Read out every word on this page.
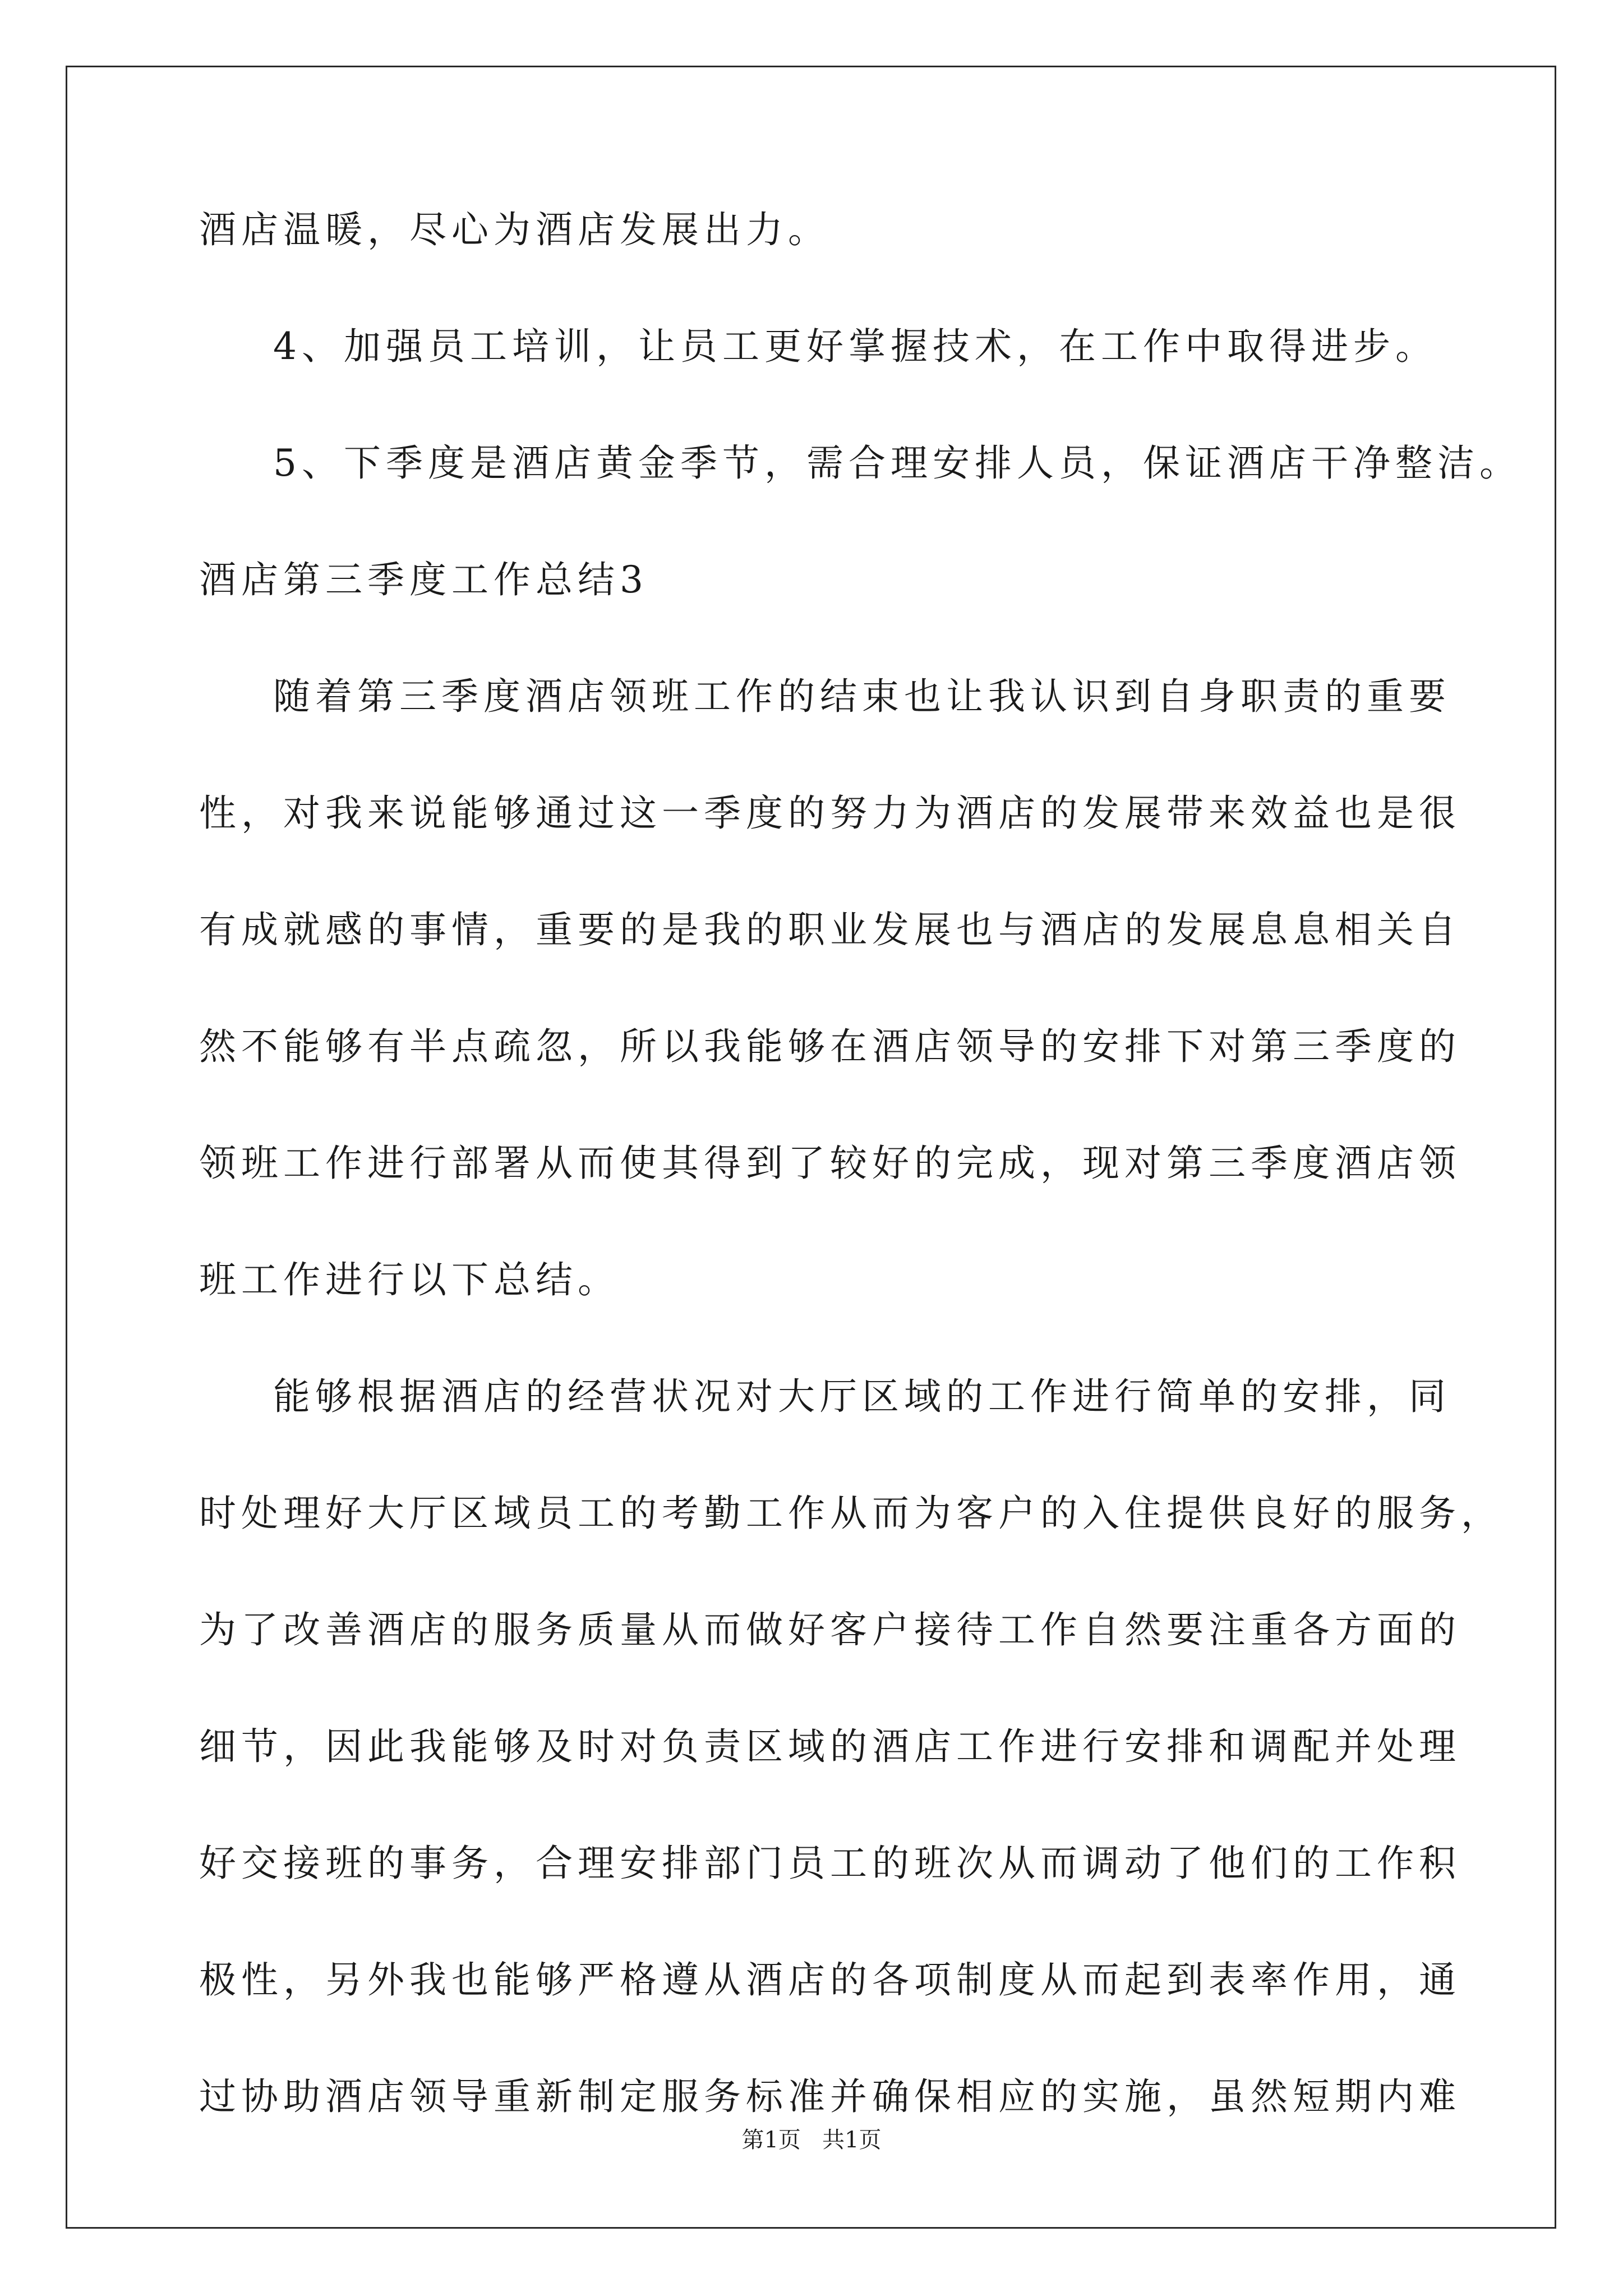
酒店温暖，尽心为酒店发展出力。
4、加强员工培训，让员工更好掌握技术，在工作中取得进步。
5、下季度是酒店黄金季节，需合理安排人员，保证酒店干净整洁。
酒店第三季度工作总结3
随着第三季度酒店领班工作的结束也让我认识到自身职责的重要
性，对我来说能够通过这一季度的努力为酒店的发展带来效益也是很
有成就感的事情，重要的是我的职业发展也与酒店的发展息息相关自
然不能够有半点疏忽，所以我能够在酒店领导的安排下对第三季度的
领班工作进行部署从而使其得到了较好的完成，现对第三季度酒店领
班工作进行以下总结。
能够根据酒店的经营状况对大厅区域的工作进行简单的安排，同
时处理好大厅区域员工的考勤工作从而为客户的入住提供良好的服务，
为了改善酒店的服务质量从而做好客户接待工作自然要注重各方面的
细节，因此我能够及时对负责区域的酒店工作进行安排和调配并处理
好交接班的事务，合理安排部门员工的班次从而调动了他们的工作积
极性，另外我也能够严格遵从酒店的各项制度从而起到表率作用，通
过协助酒店领导重新制定服务标准并确保相应的实施，虽然短期内难
第1页   共1页
